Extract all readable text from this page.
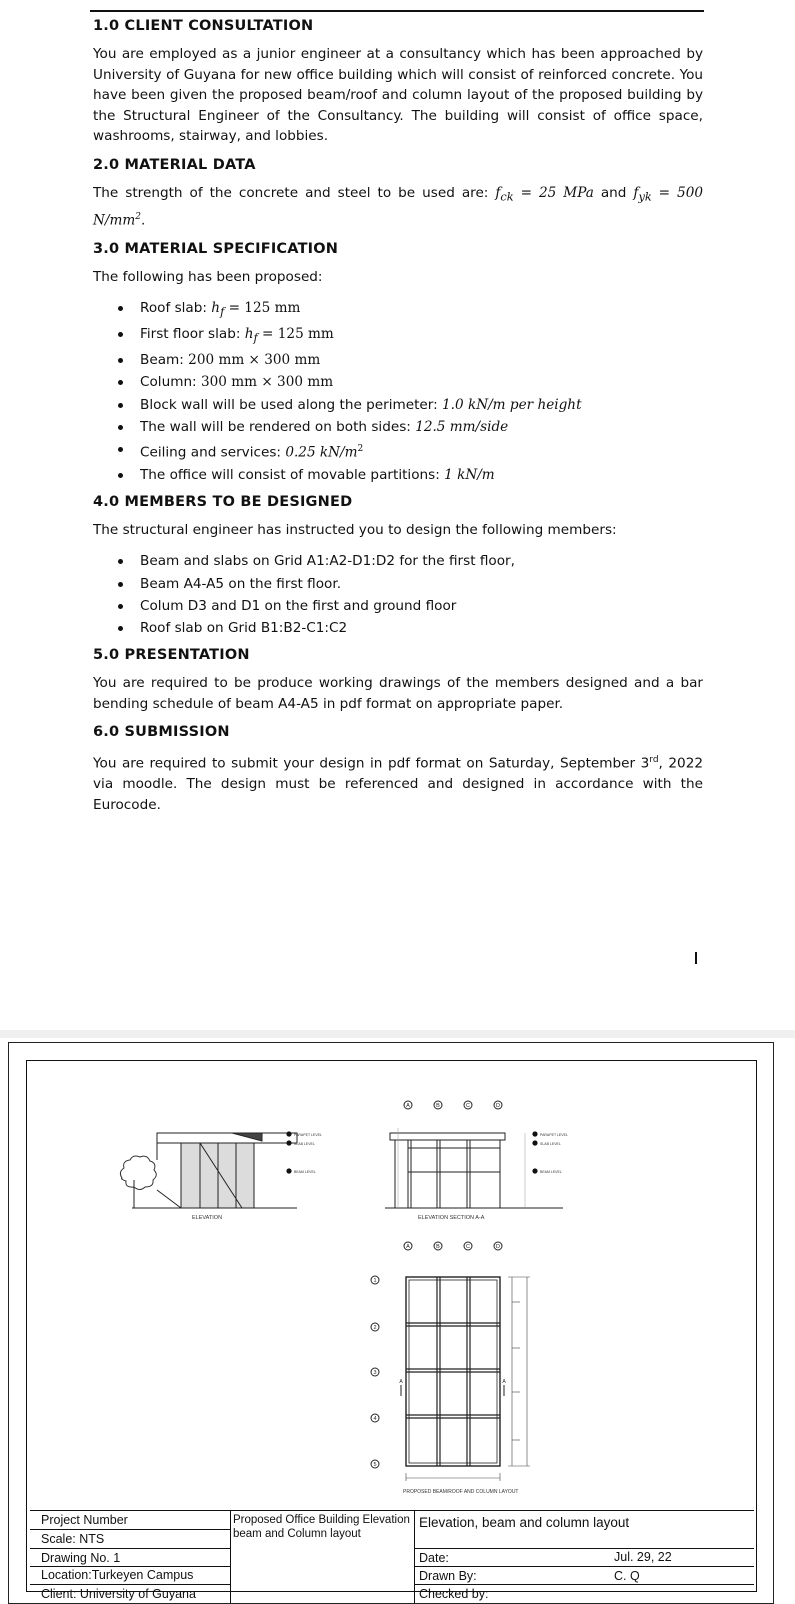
1.0 CLIENT CONSULTATION

You are employed as a junior engineer at a consultancy which has been approached by University of Guyana for new office building which will consist of reinforced concrete. You have been given the proposed beam/roof and column layout of the proposed building by the Structural Engineer of the Consultancy. The building will consist of office space, washrooms, stairway, and lobbies.

2.0 MATERIAL DATA

The strength of the concrete and steel to be used are: $f_{ck} = 25$ MPa and $f_{yk} = 500$ $N/mm^2$.

3.0 MATERIAL SPECIFICATION

The following has been proposed:

Roof slab: $h_f = 125$ mm
First floor slab: $h_f = 125$ mm
Beam: 200 mm × 300 mm
Column: 300 mm × 300 mm
Block wall will be used along the perimeter: 1.0 kN/m per height
The wall will be rendered on both sides: 12.5 mm/side
Ceiling and services: 0.25 $kN/m^2$
The office will consist of movable partitions: 1 kN/m
4.0 MEMBERS TO BE DESIGNED

The structural engineer has instructed you to design the following members:

Beam and slabs on Grid A1:A2-D1:D2 for the first floor,
Beam A4-A5 on the first floor.
Colum D3 and D1 on the first and ground floor
Roof slab on Grid B1:B2-C1:C2
5.0 PRESENTATION

You are required to be produce working drawings of the members designed and a bar bending schedule of beam A4-A5 in pdf format on appropriate paper.

6.0 SUBMISSION

You are required to submit your design in pdf format on Saturday, September 3rd, 2022 via moodle. The design must be referenced and designed in accordance with the Eurocode.

ELEVATION
PARAPET LEVEL
SLAB LEVEL
BEAM LEVEL
ELEVATION SECTION A-A
A	B	C	D
PARAPET LEVEL
SLAB LEVEL
BEAM LEVEL
A	B	C	D
1
2
3
4
5
A	A
PROPOSED BEAM/ROOF AND COLUMN LAYOUT
Project Number
Scale: NTS
Drawing No. 1
Location:Turkeyen Campus
Client: University of Guyana
Proposed Office Building Elevation beam and Column layout
Elevation, beam and column layout
Date:	Jul. 29, 22
Drawn By:	C. Q
Checked by:
